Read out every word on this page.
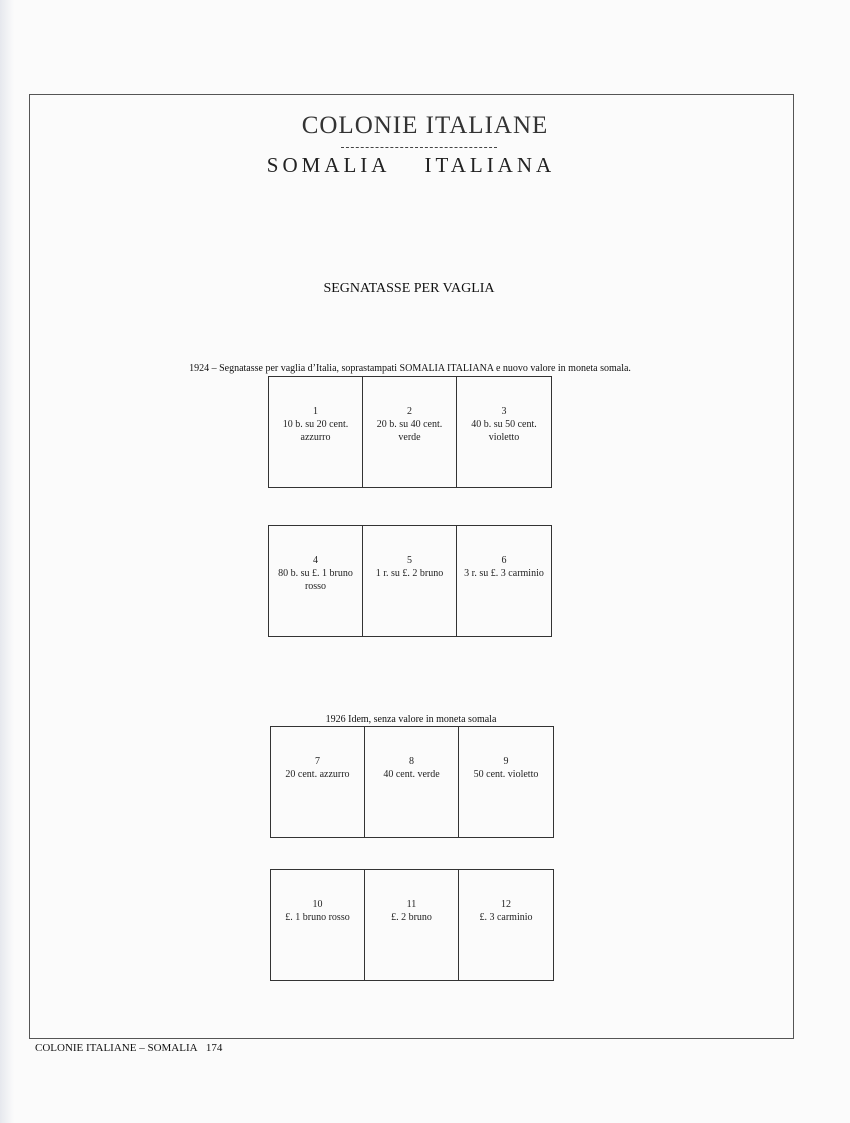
COLONIE ITALIANE
SOMALIA ITALIANA
SEGNATASSE PER VAGLIA
1924 – Segnatasse per vaglia d’Italia, soprastampati SOMALIA ITALIANA e nuovo valore in moneta somala.
1
10 b. su 20 cent. azzurro
2
20 b. su 40 cent. verde
3
40 b. su 50 cent. violetto
4
80 b. su £. 1 bruno rosso
5
1 r. su £. 2 bruno
6
3 r. su £. 3 carminio
1926 Idem, senza valore in moneta somala
7
20 cent. azzurro
8
40 cent. verde
9
50 cent. violetto
10
£. 1 bruno rosso
11
£. 2 bruno
12
£. 3 carminio
COLONIE ITALIANE – SOMALIA 174
